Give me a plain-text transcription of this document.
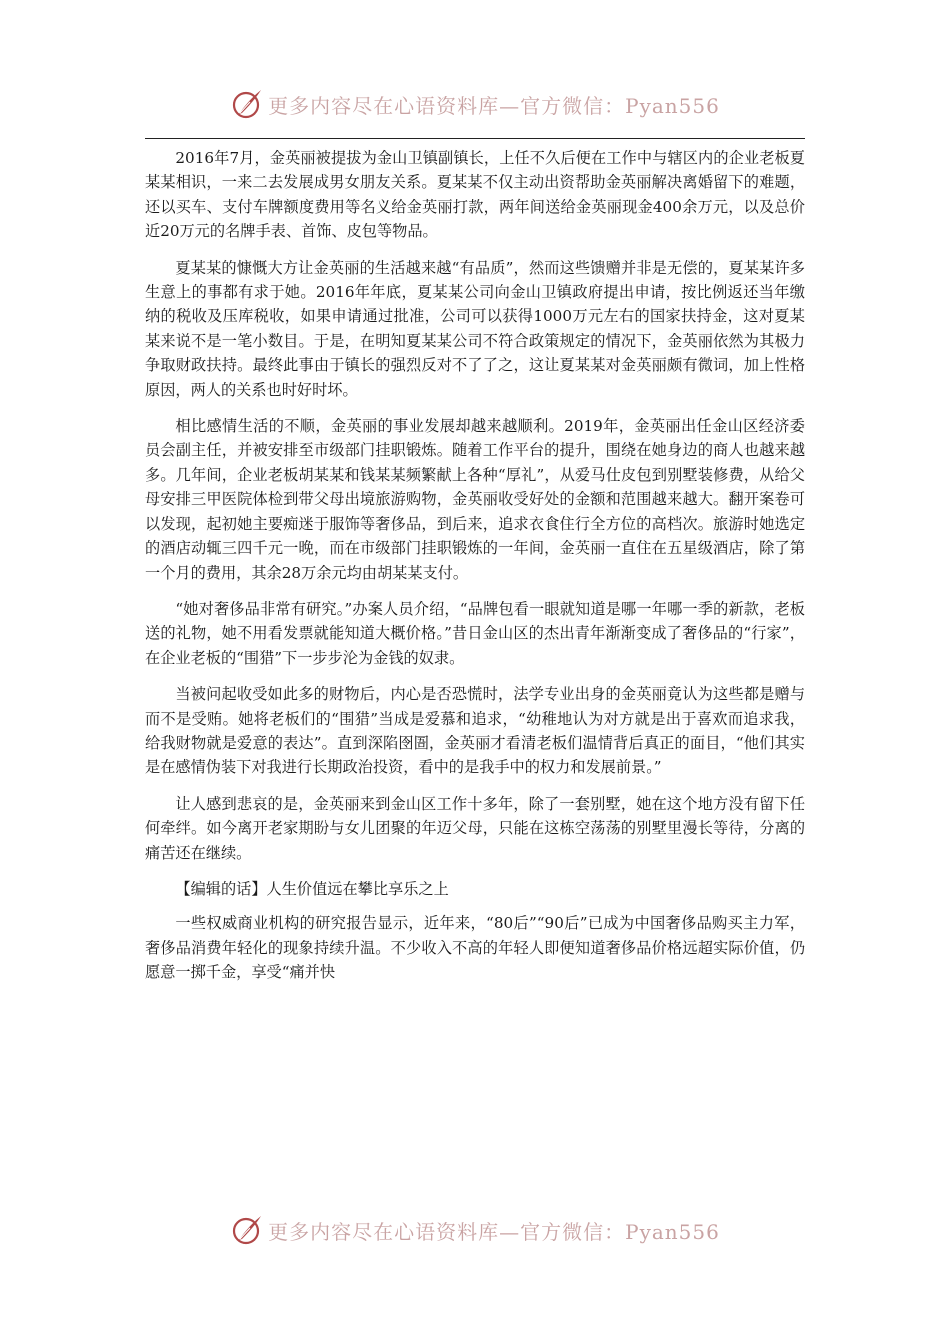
更多内容尽在心语资料库—官方微信：Pyan556

2016年7月，金英丽被提拔为金山卫镇副镇长，上任不久后便在工作中与辖区内的企业老板夏某某相识，一来二去发展成男女朋友关系。夏某某不仅主动出资帮助金英丽解决离婚留下的难题，还以买车、支付车牌额度费用等名义给金英丽打款，两年间送给金英丽现金400余万元，以及总价近20万元的名牌手表、首饰、皮包等物品。

夏某某的慷慨大方让金英丽的生活越来越“有品质”，然而这些馈赠并非是无偿的，夏某某许多生意上的事都有求于她。2016年年底，夏某某公司向金山卫镇政府提出申请，按比例返还当年缴纳的税收及压库税收，如果申请通过批准，公司可以获得1000万元左右的国家扶持金，这对夏某某来说不是一笔小数目。于是，在明知夏某某公司不符合政策规定的情况下，金英丽依然为其极力争取财政扶持。最终此事由于镇长的强烈反对不了了之，这让夏某某对金英丽颇有微词，加上性格原因，两人的关系也时好时坏。

相比感情生活的不顺，金英丽的事业发展却越来越顺利。2019年，金英丽出任金山区经济委员会副主任，并被安排至市级部门挂职锻炼。随着工作平台的提升，围绕在她身边的商人也越来越多。几年间，企业老板胡某某和钱某某频繁献上各种“厚礼”，从爱马仕皮包到别墅装修费，从给父母安排三甲医院体检到带父母出境旅游购物，金英丽收受好处的金额和范围越来越大。翻开案卷可以发现，起初她主要痴迷于服饰等奢侈品，到后来，追求衣食住行全方位的高档次。旅游时她选定的酒店动辄三四千元一晚，而在市级部门挂职锻炼的一年间，金英丽一直住在五星级酒店，除了第一个月的费用，其余28万余元均由胡某某支付。

“她对奢侈品非常有研究。”办案人员介绍，“品牌包看一眼就知道是哪一年哪一季的新款，老板送的礼物，她不用看发票就能知道大概价格。”昔日金山区的杰出青年渐渐变成了奢侈品的“行家”，在企业老板的“围猎”下一步步沦为金钱的奴隶。

当被问起收受如此多的财物后，内心是否恐慌时，法学专业出身的金英丽竟认为这些都是赠与而不是受贿。她将老板们的“围猎”当成是爱慕和追求，“幼稚地认为对方就是出于喜欢而追求我，给我财物就是爱意的表达”。直到深陷囹圄，金英丽才看清老板们温情背后真正的面目，“他们其实是在感情伪装下对我进行长期政治投资，看中的是我手中的权力和发展前景。”

让人感到悲哀的是，金英丽来到金山区工作十多年，除了一套别墅，她在这个地方没有留下任何牵绊。如今离开老家期盼与女儿团聚的年迈父母，只能在这栋空荡荡的别墅里漫长等待，分离的痛苦还在继续。

【编辑的话】人生价值远在攀比享乐之上

一些权威商业机构的研究报告显示，近年来，“80后”“90后”已成为中国奢侈品购买主力军，奢侈品消费年轻化的现象持续升温。不少收入不高的年轻人即便知道奢侈品价格远超实际价值，仍愿意一掷千金，享受“痛并快

更多内容尽在心语资料库—官方微信：Pyan556
